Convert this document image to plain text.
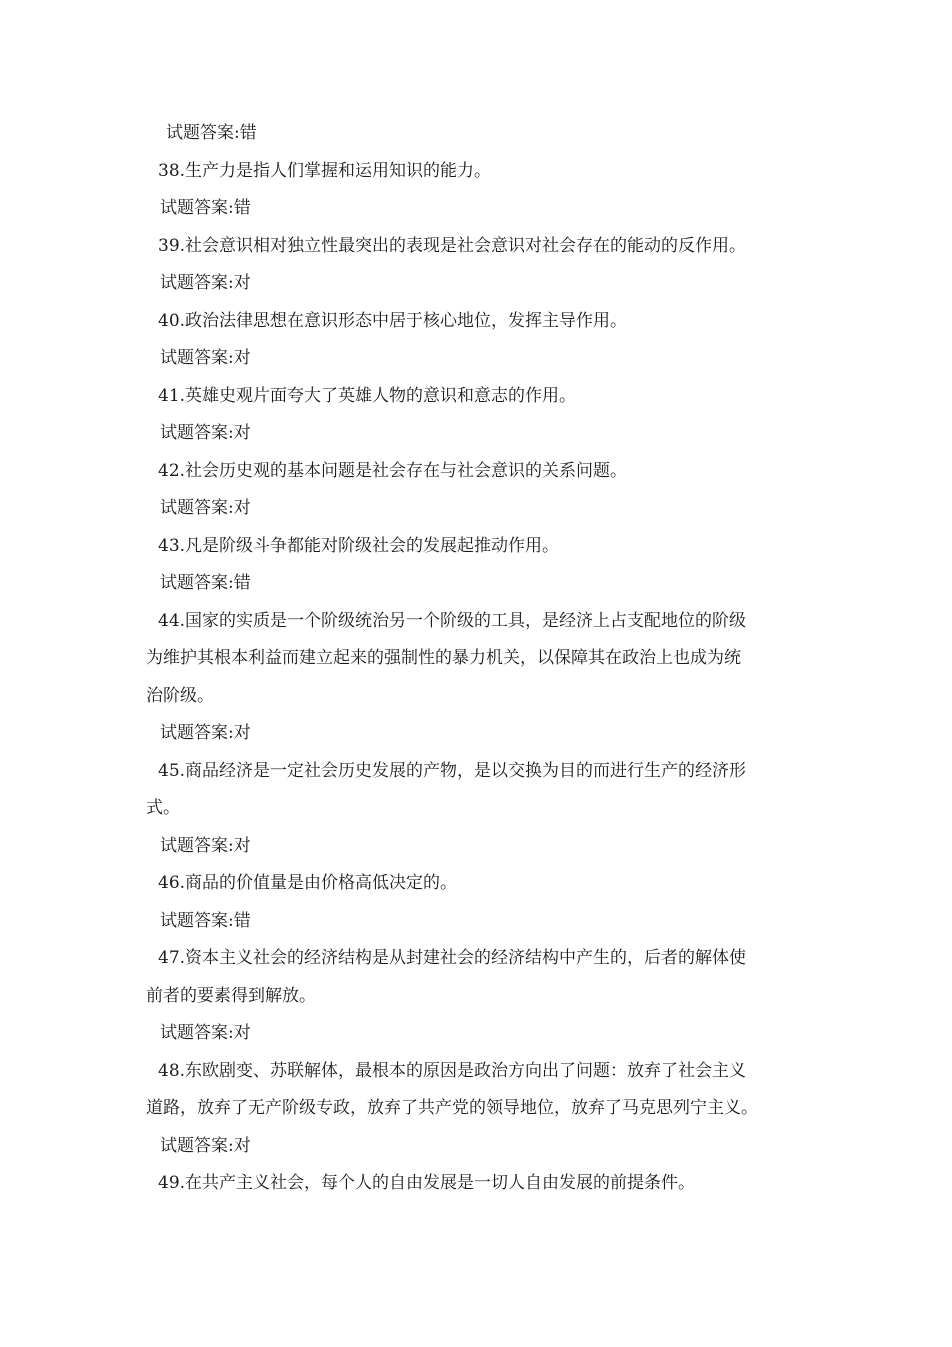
试题答案:错

38.生产力是指人们掌握和运用知识的能力。

试题答案:错

39.社会意识相对独立性最突出的表现是社会意识对社会存在的能动的反作用。

试题答案:对

40.政治法律思想在意识形态中居于核心地位，发挥主导作用。

试题答案:对

41.英雄史观片面夸大了英雄人物的意识和意志的作用。

试题答案:对

42.社会历史观的基本问题是社会存在与社会意识的关系问题。

试题答案:对

43.凡是阶级斗争都能对阶级社会的发展起推动作用。

试题答案:错

44.国家的实质是一个阶级统治另一个阶级的工具，是经济上占支配地位的阶级

为维护其根本利益而建立起来的强制性的暴力机关，以保障其在政治上也成为统

治阶级。

试题答案:对

45.商品经济是一定社会历史发展的产物，是以交换为目的而进行生产的经济形

式。

试题答案:对

46.商品的价值量是由价格高低决定的。

试题答案:错

47.资本主义社会的经济结构是从封建社会的经济结构中产生的，后者的解体使

前者的要素得到解放。

试题答案:对

48.东欧剧变、苏联解体，最根本的原因是政治方向出了问题：放弃了社会主义

道路，放弃了无产阶级专政，放弃了共产党的领导地位，放弃了马克思列宁主义。

试题答案:对

49.在共产主义社会，每个人的自由发展是一切人自由发展的前提条件。
